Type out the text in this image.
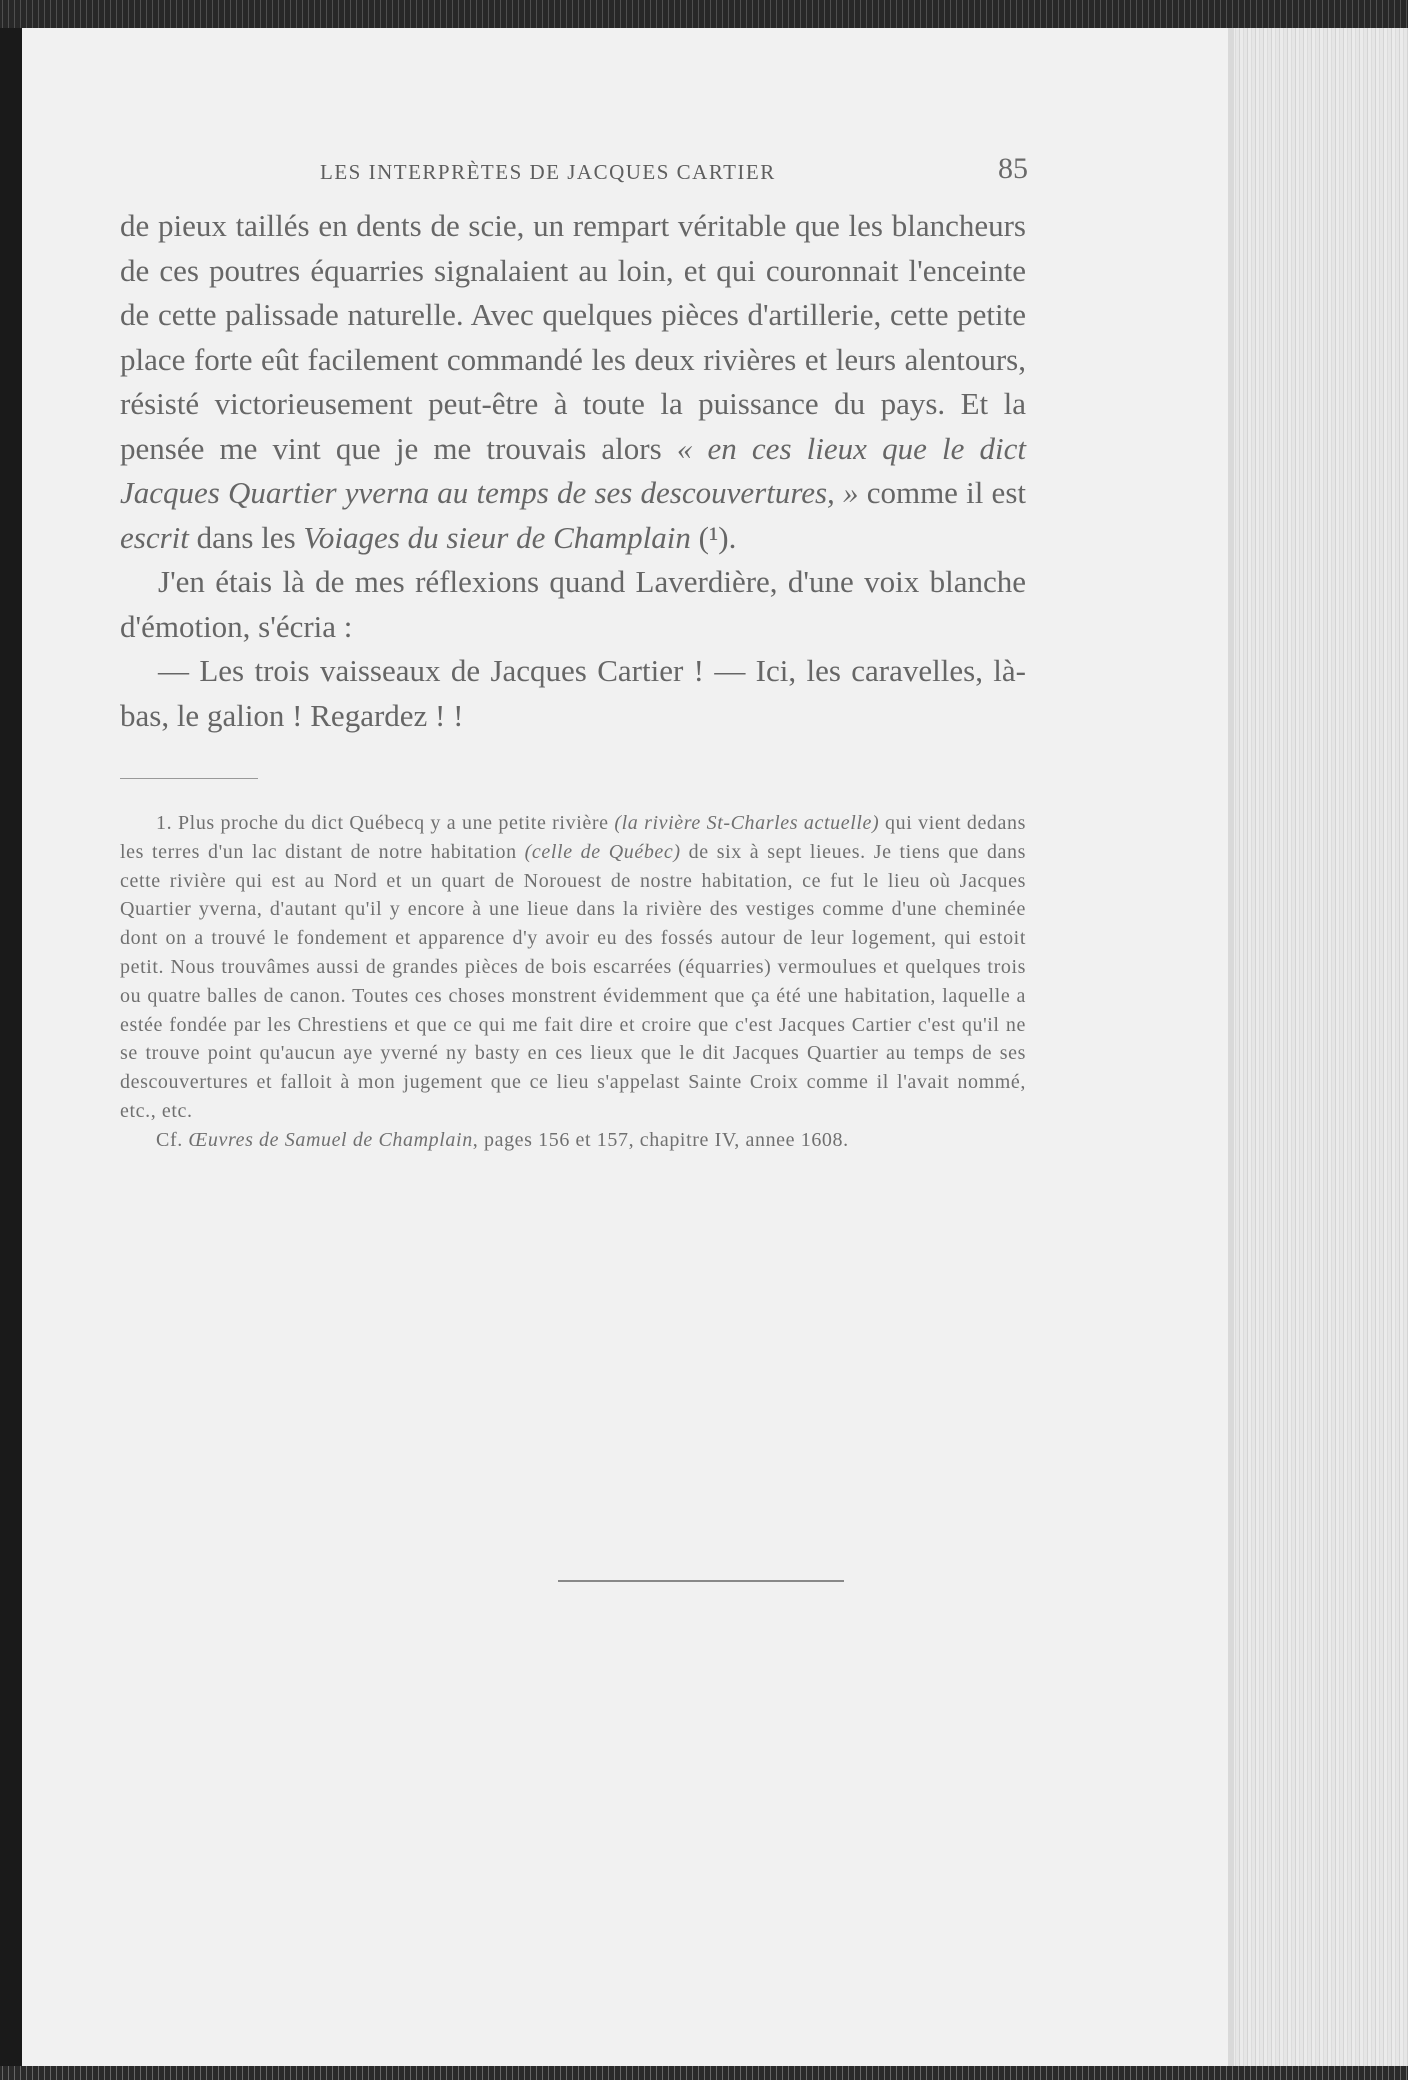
LES INTERPRÈTES DE JACQUES CARTIER	85

de pieux taillés en dents de scie, un rempart véritable que les blancheurs de ces poutres équarries signalaient au loin, et qui couronnait l'enceinte de cette palissade naturelle. Avec quelques pièces d'artillerie, cette petite place forte eût facilement commandé les deux rivières et leurs alentours, résisté victorieusement peut-être à toute la puissance du pays. Et la pensée me vint que je me trouvais alors « en ces lieux que le dict Jacques Quartier yverna au temps de ses descouvertures, » comme il est escrit dans les Voiages du sieur de Champlain (¹).

J'en étais là de mes réflexions quand Laverdière, d'une voix blanche d'émotion, s'écria :

— Les trois vaisseaux de Jacques Cartier ! — Ici, les caravelles, là-bas, le galion ! Regardez ! !

1. Plus proche du dict Québecq y a une petite rivière (la rivière St-Charles actuelle) qui vient dedans les terres d'un lac distant de notre habitation (celle de Québec) de six à sept lieues. Je tiens que dans cette rivière qui est au Nord et un quart de Norouest de nostre habitation, ce fut le lieu où Jacques Quartier yverna, d'autant qu'il y encore à une lieue dans la rivière des vestiges comme d'une cheminée dont on a trouvé le fondement et apparence d'y avoir eu des fossés autour de leur logement, qui estoit petit. Nous trouvâmes aussi de grandes pièces de bois escarrées (équarries) vermoulues et quelques trois ou quatre balles de canon. Toutes ces choses monstrent évidemment que ça été une habitation, laquelle a estée fondée par les Chrestiens et que ce qui me fait dire et croire que c'est Jacques Cartier c'est qu'il ne se trouve point qu'aucun aye yverné ny basty en ces lieux que le dit Jacques Quartier au temps de ses descouvertures et falloit à mon jugement que ce lieu s'appelast Sainte Croix comme il l'avait nommé, etc., etc.

Cf. Œuvres de Samuel de Champlain, pages 156 et 157, chapitre IV, annee 1608.
